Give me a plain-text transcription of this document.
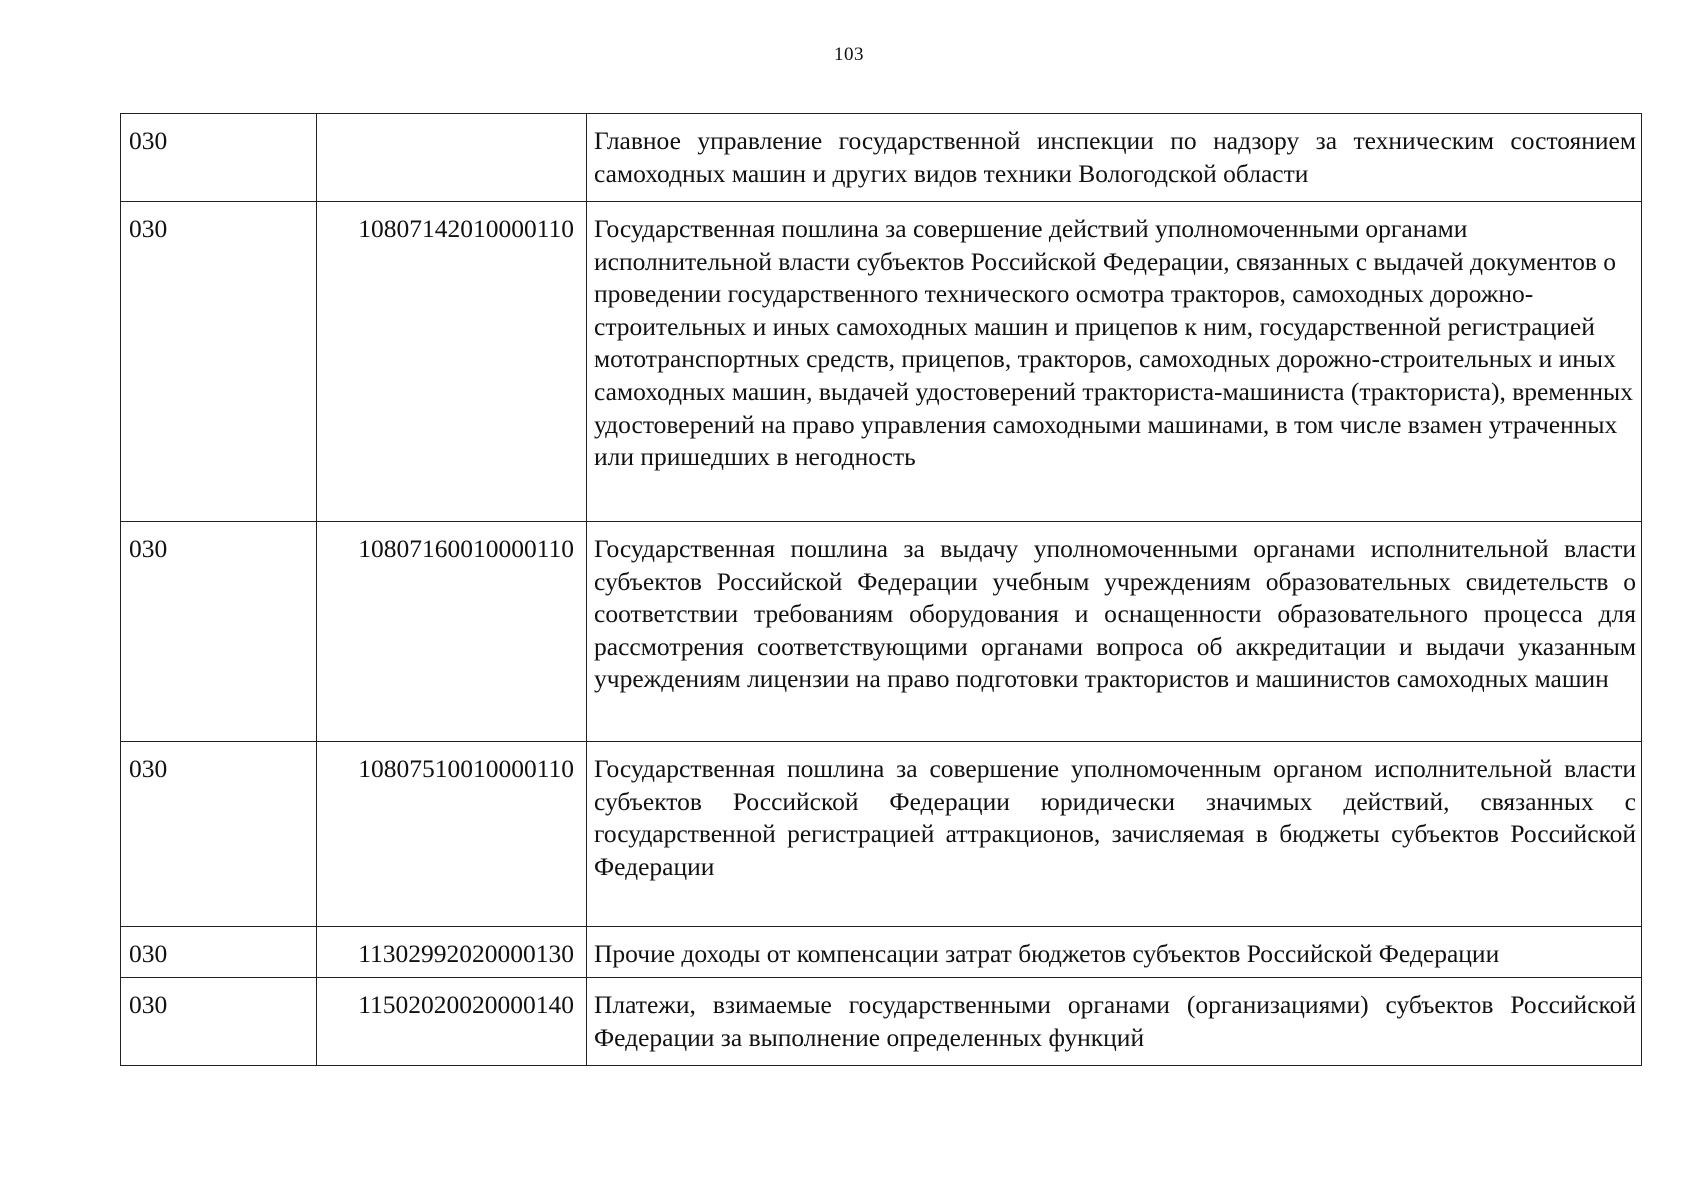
103
030		Главное управление государственной инспекции по надзору за техническим состоянием самоходных машин и других видов техники Вологодской области
030	10807142010000110	Государственная пошлина за совершение действий уполномоченными органами исполнительной власти субъектов Российской Федерации, связанных с выдачей документов о проведении государственного технического осмотра тракторов, самоходных дорожно-строительных и иных самоходных машин и прицепов к ним, государственной регистрацией мототранспортных средств, прицепов, тракторов, самоходных дорожно-строительных и иных самоходных машин, выдачей удостоверений тракториста-машиниста (тракториста), временных удостоверений на право управления самоходными машинами, в том числе взамен утраченных или пришедших в негодность
030	10807160010000110	Государственная пошлина за выдачу уполномоченными органами исполнительной власти субъектов Российской Федерации учебным учреждениям образовательных свидетельств о соответствии требованиям оборудования и оснащенности образовательного процесса для рассмотрения соответствующими органами вопроса об аккредитации и выдачи указанным учреждениям лицензии на право подготовки трактористов и машинистов самоходных машин
030	10807510010000110	Государственная пошлина за совершение уполномоченным органом исполнительной власти субъектов Российской Федерации юридически значимых действий, связанных с государственной регистрацией аттракционов, зачисляемая в бюджеты субъектов Российской Федерации
030	11302992020000130	Прочие доходы от компенсации затрат бюджетов субъектов Российской Федерации
030	11502020020000140	Платежи, взимаемые государственными органами (организациями) субъектов Российской Федерации за выполнение определенных функций
